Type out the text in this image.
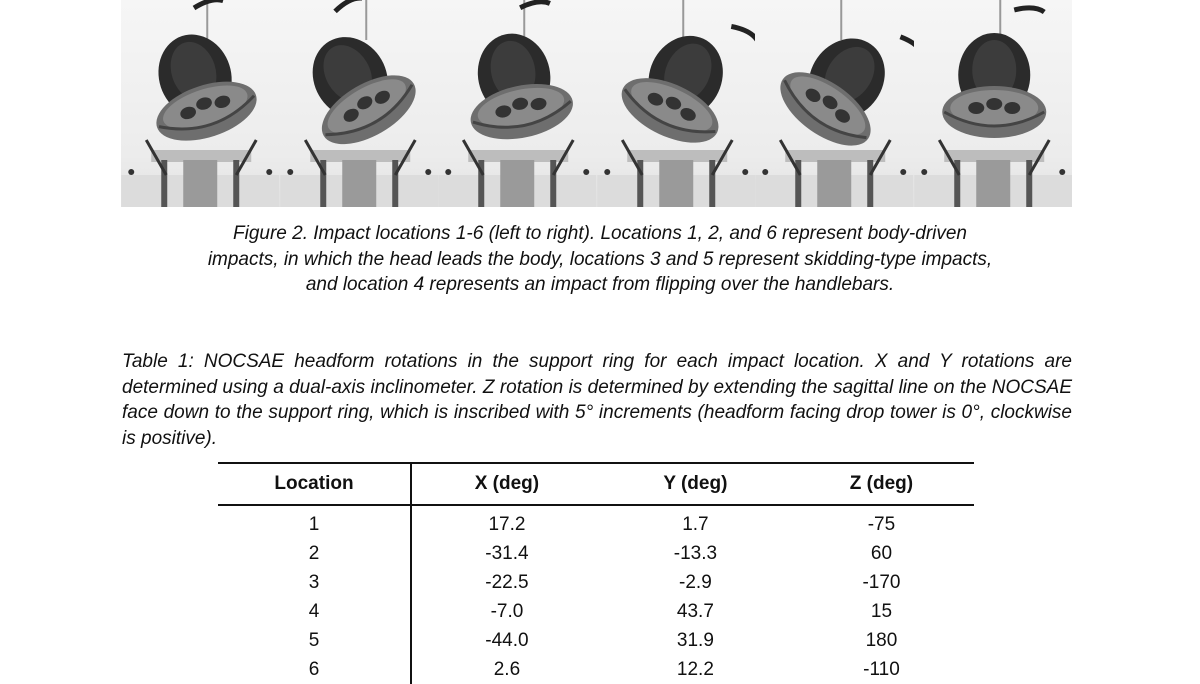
Figure 2. Impact locations 1-6 (left to right). Locations 1, 2, and 6 represent body-driven
impacts, in which the head leads the body, locations 3 and 5 represent skidding-type impacts,
and location 4 represents an impact from flipping over the handlebars.
Table 1: NOCSAE headform rotations in the support ring for each impact location. X and Y rotations are determined using a dual-axis inclinometer. Z rotation is determined by extending the sagittal line on the NOCSAE face down to the support ring, which is inscribed with 5° increments (headform facing drop tower is 0°, clockwise is positive).
Location	X (deg)	Y (deg)	Z (deg)
1	17.2	1.7	-75
2	-31.4	-13.3	60
3	-22.5	-2.9	-170
4	-7.0	43.7	15
5	-44.0	31.9	180
6	2.6	12.2	-110
